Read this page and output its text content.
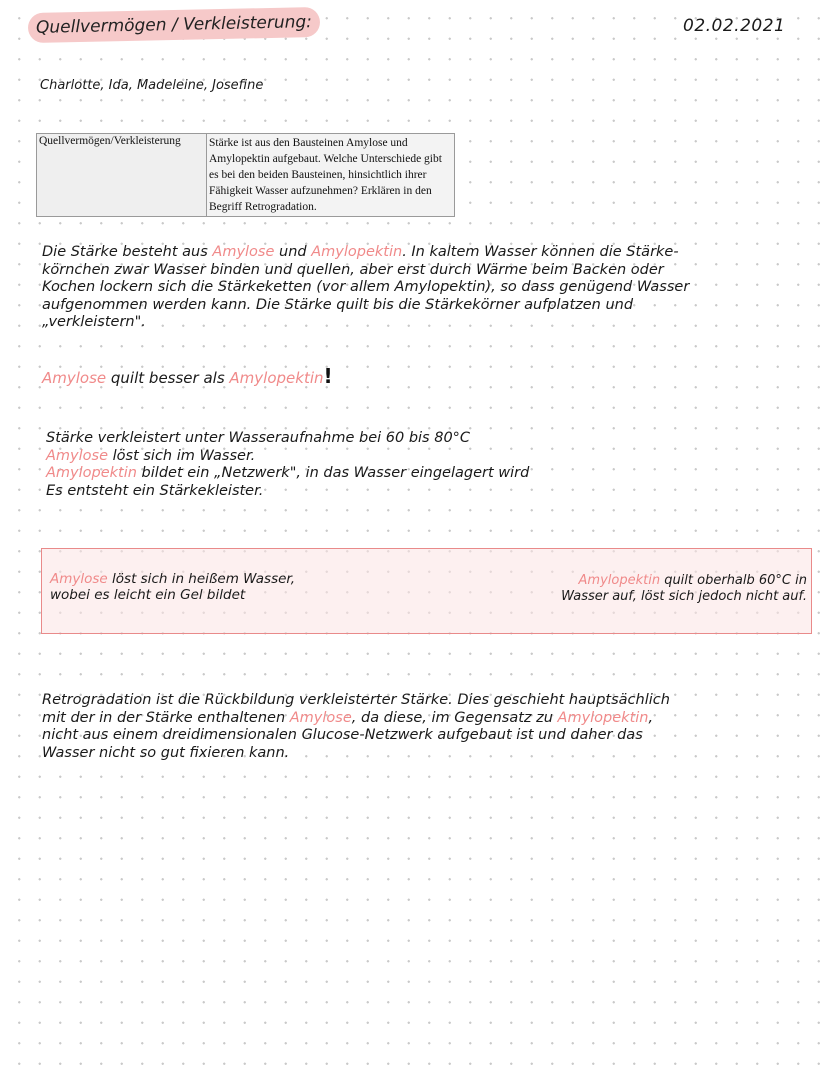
Quellvermögen / Verkleisterung:	02.02.2021
Charlotte, Ida, Madeleine, Josefine
Quellvermögen/Verkleisterung	Stärke ist aus den Bausteinen Amylose und Amylopektin aufgebaut. Welche Unterschiede gibt es bei den beiden Bausteinen, hinsichtlich ihrer Fähigkeit Wasser aufzunehmen? Erklären in den Begriff Retrogradation.
Die Stärke besteht aus Amylose und Amylopektin. In kaltem Wasser können die Stärke-
körnchen zwar Wasser binden und quellen, aber erst durch Wärme beim Backen oder
Kochen lockern sich die Stärkeketten (vor allem Amylopektin), so dass genügend Wasser
aufgenommen werden kann. Die Stärke quilt bis die Stärkekörner aufplatzen und
„verkleistern".
Amylose quilt besser als Amylopektin!
Stärke verkleistert unter Wasseraufnahme bei 60 bis 80°C
Amylose löst sich im Wasser.
Amylopektin bildet ein „Netzwerk", in das Wasser eingelagert wird
Es entsteht ein Stärkekleister.
Amylose löst sich in heißem Wasser,
wobei es leicht ein Gel bildet
Amylopektin quilt oberhalb 60°C in
Wasser auf, löst sich jedoch nicht auf.
Retrogradation ist die Rückbildung verkleisterter Stärke. Dies geschieht hauptsächlich
mit der in der Stärke enthaltenen Amylose, da diese, im Gegensatz zu Amylopektin,
nicht aus einem dreidimensionalen Glucose-Netzwerk aufgebaut ist und daher das
Wasser nicht so gut fixieren kann.
